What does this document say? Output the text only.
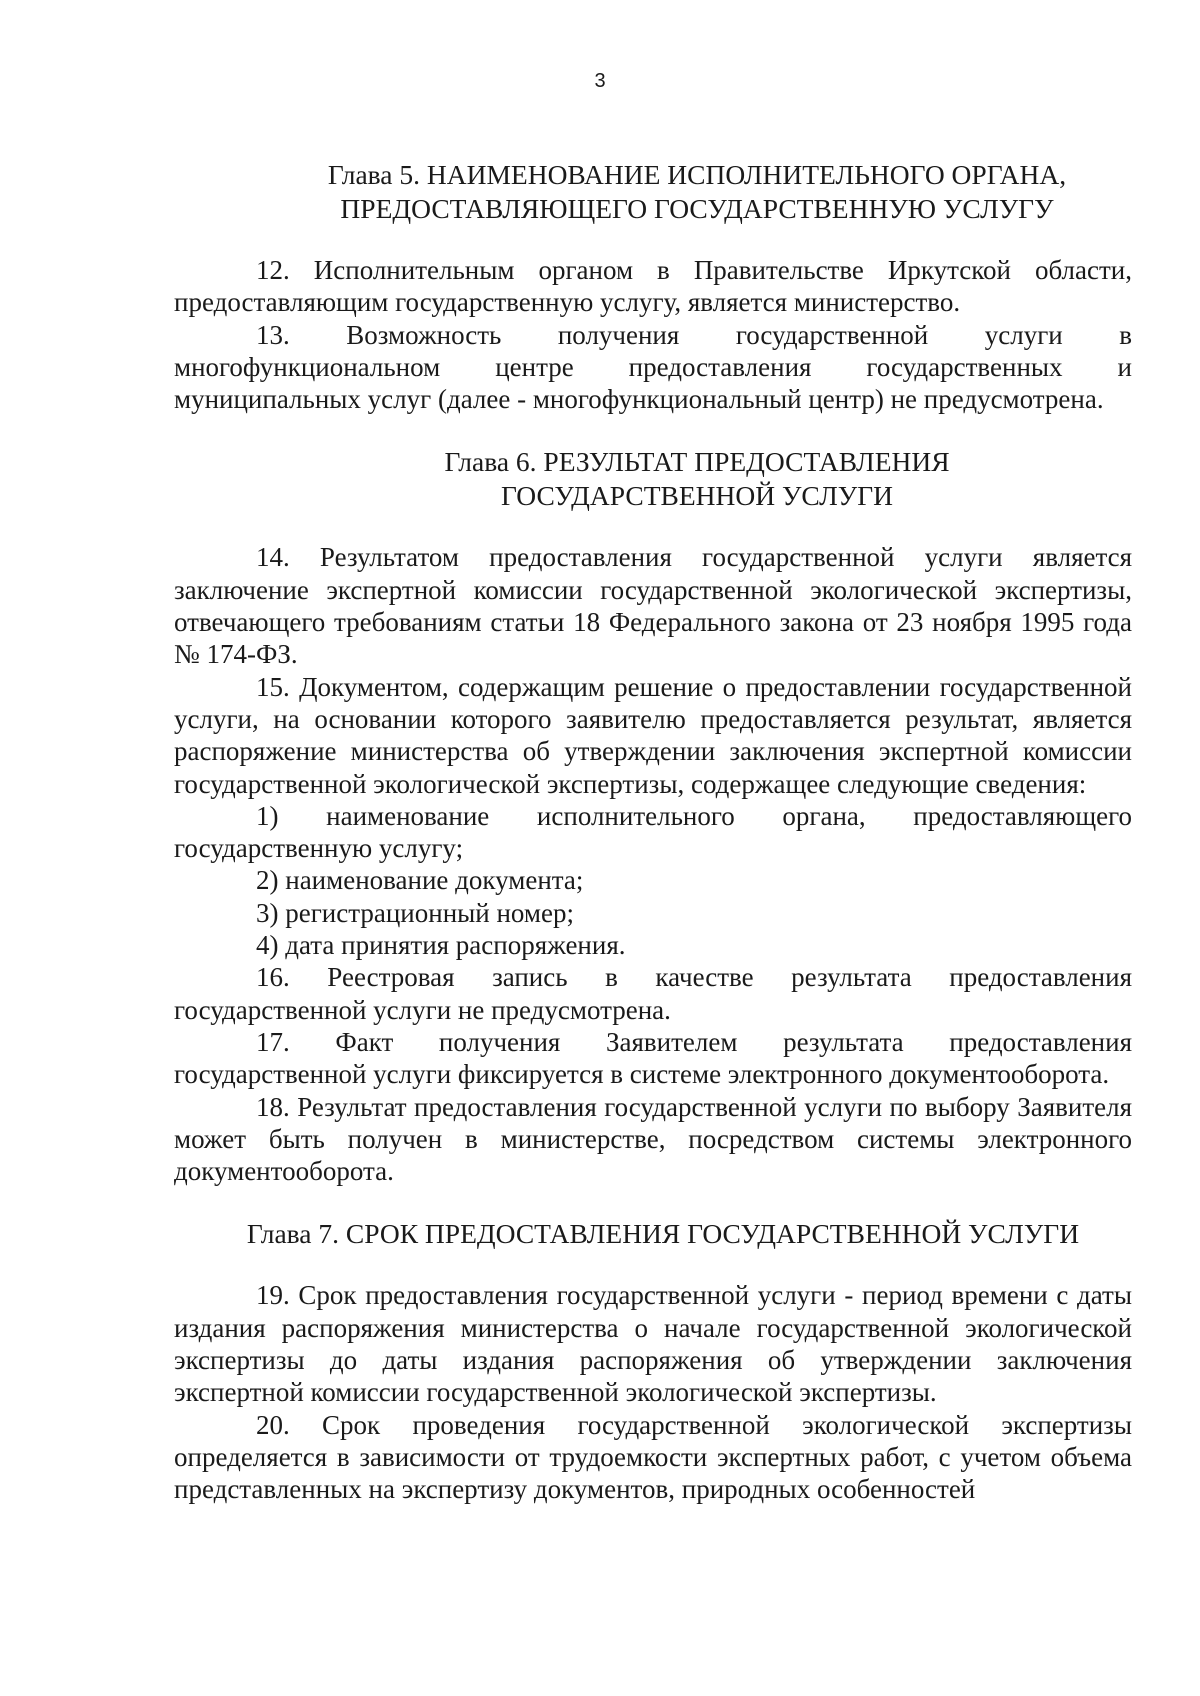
3
Глава 5. НАИМЕНОВАНИЕ ИСПОЛНИТЕЛЬНОГО ОРГАНА,
ПРЕДОСТАВЛЯЮЩЕГО ГОСУДАРСТВЕННУЮ УСЛУГУ

12. Исполнительным органом в Правительстве Иркутской области, предоставляющим государственную услугу, является министерство.

13. Возможность получения государственной услуги в многофункциональном центре предоставления государственных и муниципальных услуг (далее - многофункциональный центр) не предусмотрена.

Глава 6. РЕЗУЛЬТАТ ПРЕДОСТАВЛЕНИЯ
ГОСУДАРСТВЕННОЙ УСЛУГИ

14. Результатом предоставления государственной услуги является заключение экспертной комиссии государственной экологической экспертизы, отвечающего требованиям статьи 18 Федерального закона от 23 ноября 1995 года № 174-ФЗ.

15. Документом, содержащим решение о предоставлении государственной услуги, на основании которого заявителю предоставляется результат, является распоряжение министерства об утверждении заключения экспертной комиссии государственной экологической экспертизы, содержащее следующие сведения:

1) наименование исполнительного органа, предоставляющего государственную услугу;

2) наименование документа;

3) регистрационный номер;

4) дата принятия распоряжения.

16. Реестровая запись в качестве результата предоставления государственной услуги не предусмотрена.

17. Факт получения Заявителем результата предоставления государственной услуги фиксируется в системе электронного документооборота.

18. Результат предоставления государственной услуги по выбору Заявителя может быть получен в министерстве, посредством системы электронного документооборота.

Глава 7. СРОК ПРЕДОСТАВЛЕНИЯ ГОСУДАРСТВЕННОЙ УСЛУГИ

19. Срок предоставления государственной услуги - период времени с даты издания распоряжения министерства о начале государственной экологической экспертизы до даты издания распоряжения об утверждении заключения экспертной комиссии государственной экологической экспертизы.

20. Срок проведения государственной экологической экспертизы определяется в зависимости от трудоемкости экспертных работ, с учетом объема представленных на экспертизу документов, природных особенностей
